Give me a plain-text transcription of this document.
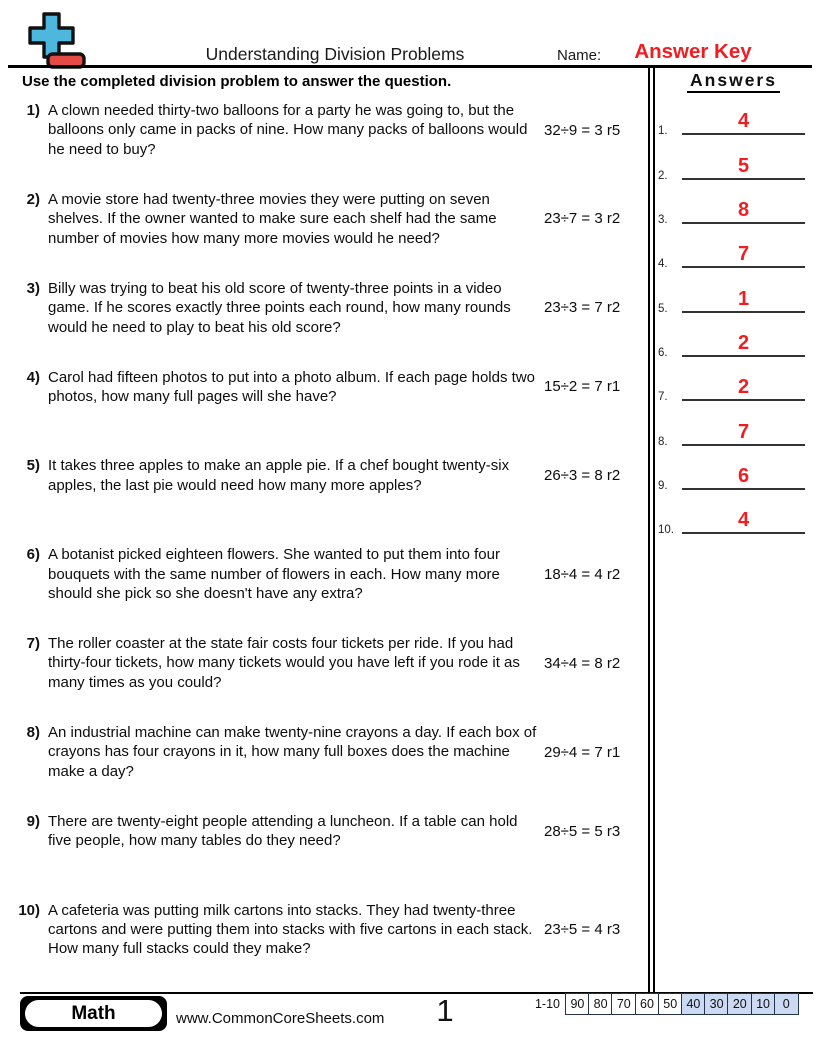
Understanding Division Problems	Name:	Answer Key
Use the completed division problem to answer the question.	Answers
1.	4
2.	5
3.	8
4.	7
5.	1
6.	2
7.	2
8.	7
9.	6
10.	4
1) A clown needed thirty-two balloons for a party he was going to, but the balloons only came in packs of nine. How many packs of balloons would he need to buy?
32÷9 = 3 r5
2) A movie store had twenty-three movies they were putting on seven shelves. If the owner wanted to make sure each shelf had the same number of movies how many more movies would he need?
23÷7 = 3 r2
3) Billy was trying to beat his old score of twenty-three points in a video game. If he scores exactly three points each round, how many rounds would he need to play to beat his old score?
23÷3 = 7 r2
4) Carol had fifteen photos to put into a photo album. If each page holds two photos, how many full pages will she have?
15÷2 = 7 r1
5) It takes three apples to make an apple pie. If a chef bought twenty-six apples, the last pie would need how many more apples?
26÷3 = 8 r2
6) A botanist picked eighteen flowers. She wanted to put them into four bouquets with the same number of flowers in each. How many more should she pick so she doesn't have any extra?
18÷4 = 4 r2
7) The roller coaster at the state fair costs four tickets per ride. If you had thirty-four tickets, how many tickets would you have left if you rode it as many times as you could?
34÷4 = 8 r2
8) An industrial machine can make twenty-nine crayons a day. If each box of crayons has four crayons in it, how many full boxes does the machine make a day?
29÷4 = 7 r1
9) There are twenty-eight people attending a luncheon. If a table can hold five people, how many tables do they need?
28÷5 = 5 r3
10) A cafeteria was putting milk cartons into stacks. They had twenty-three cartons and were putting them into stacks with five cartons in each stack. How many full stacks could they make?
23÷5 = 4 r3
Math	www.CommonCoreSheets.com	1	1-10 90 80 70 60 50 40 30 20 10	0
